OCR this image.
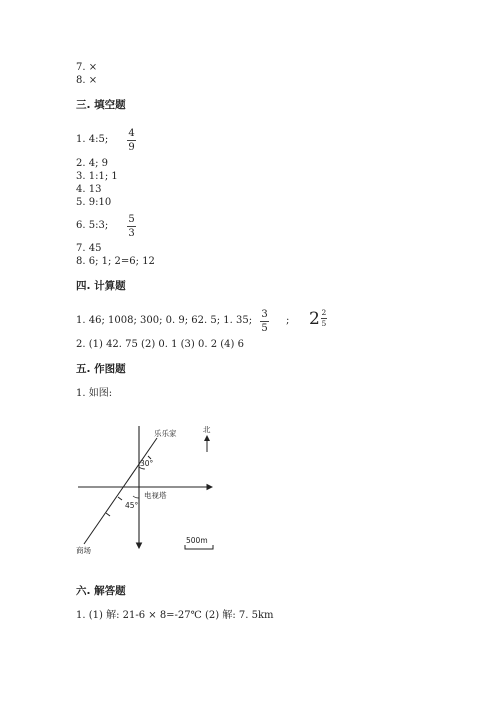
7. ×
8. ×
三. 填空题
1. 4:5;
4
9
2. 4; 9
3. 1:1; 1
4. 13
5. 9:10
6. 5:3;
5
3
7. 45
8. 6; 1; 2=6; 12
四. 计算题
1. 46; 1008; 300; 0. 9; 62. 5; 1. 35;
3
5
; $2 \frac{2}{5}$
2. (1) 42. 75 (2) 0. 1 (3) 0. 2 (4) 6
五. 作图题
1. 如图:
乐乐家
30°
电视塔
45°
商场
北
500m
六. 解答题
1. (1) 解: 21-6 × 8=-27℃ (2) 解: 7. 5km
